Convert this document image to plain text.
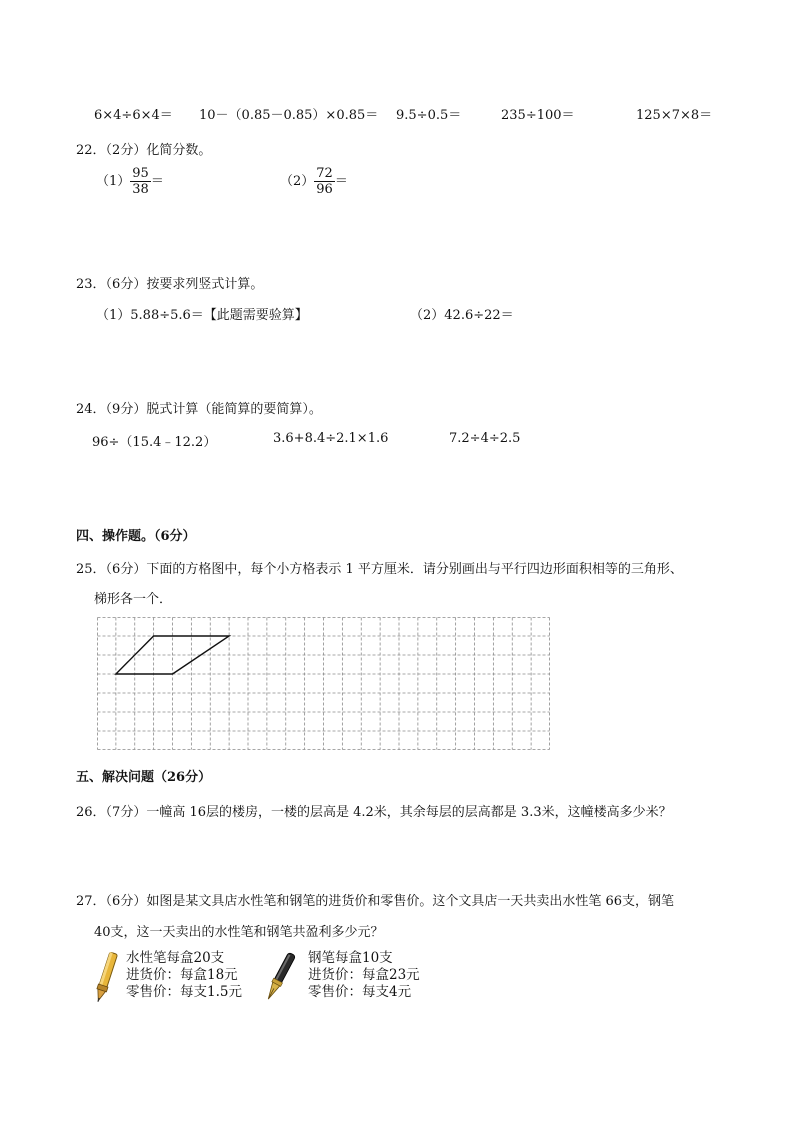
6×4÷6×4＝ 10－（0.85－0.85）×0.85＝ 9.5÷0.5＝	235÷100＝	125×7×8＝
22．（2分）化简分数。
$(1) \frac{95}{38}$ ＝	$(2) \frac{72}{96}$ ＝
23．（6分）按要求列竖式计算。
（1）5.88÷5.6＝【此题需要验算】	（2）42.6÷22＝
24．（9分）脱式计算（能简算的要简算）。
96÷（15.4﹣12.2）	3.6+8.4÷2.1×1.6	7.2÷4÷2.5
四、操作题。（6分）
25．（6分）下面的方格图中，每个小方格表示 1 平方厘米．请分别画出与平行四边形面积相等的三角形、
梯形各一个．
五、解决问题（26分）
26．（7分）一幢高 16层的楼房，一楼的层高是 4.2米，其余每层的层高都是 3.3米，这幢楼高多少米？
27．（6分）如图是某文具店水性笔和钢笔的进货价和零售价。这个文具店一天共卖出水性笔 66支，钢笔
40支，这一天卖出的水性笔和钢笔共盈利多少元？
水性笔每盒20支
进货价：每盒18元
零售价：每支1.5元
钢笔每盒10支
进货价：每盒23元
零售价：每支4元
